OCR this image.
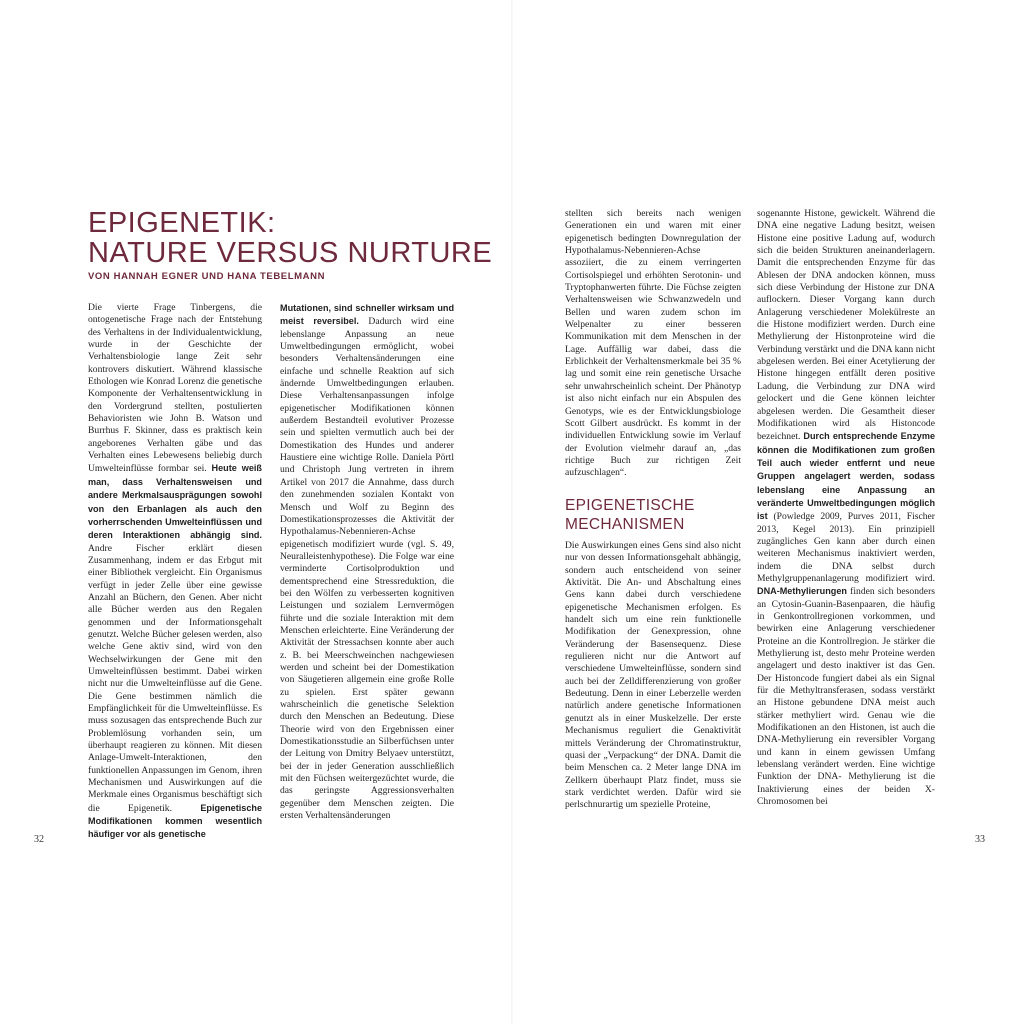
EPIGENETIK:
NATURE VERSUS NURTURE

VON HANNAH EGNER UND HANA TEBELMANN

Die vierte Frage Tinbergens, die ontogenetische Frage nach der Entstehung des Verhaltens in der Individualentwicklung, wurde in der Geschichte der Verhaltensbiologie lange Zeit sehr kontrovers diskutiert. Während klassische Ethologen wie Konrad Lorenz die genetische Komponente der Verhaltensentwicklung in den Vordergrund stellten, postulierten Behavioristen wie John B. Watson und Burrhus F. Skinner, dass es praktisch kein angeborenes Verhalten gäbe und das Verhalten eines Lebewesens beliebig durch Umwelteinflüsse formbar sei. Heute weiß man, dass Verhaltensweisen und andere Merkmalsausprägungen sowohl von den Erbanlagen als auch den vorherrschenden Umwelteinflüssen und deren Interaktionen abhängig sind. Andre Fischer erklärt diesen Zusammenhang, indem er das Erbgut mit einer Bibliothek vergleicht. Ein Organismus verfügt in jeder Zelle über eine gewisse Anzahl an Büchern, den Genen. Aber nicht alle Bücher werden aus den Regalen genommen und der Informationsgehalt genutzt. Welche Bücher gelesen werden, also welche Gene aktiv sind, wird von den Wechselwirkungen der Gene mit den Umwelteinflüssen bestimmt. Dabei wirken nicht nur die Umwelteinflüsse auf die Gene. Die Gene bestimmen nämlich die Empfänglichkeit für die Umwelteinflüsse. Es muss sozusagen das entsprechende Buch zur Problemlösung vorhanden sein, um überhaupt reagieren zu können. Mit diesen Anlage-Umwelt-Interaktionen, den funktionellen Anpassungen im Genom, ihren Mechanismen und Auswirkungen auf die Merkmale eines Organismus beschäftigt sich die Epigenetik. Epigenetische Modifikationen kommen wesentlich häufiger vor als genetische

Mutationen, sind schneller wirksam und meist reversibel. Dadurch wird eine lebenslange Anpassung an neue Umweltbedingungen ermöglicht, wobei besonders Verhaltensänderungen eine einfache und schnelle Reaktion auf sich ändernde Umweltbedingungen erlauben. Diese Verhaltensanpassungen infolge epigenetischer Modifikationen können außerdem Bestandteil evolutiver Prozesse sein und spielten vermutlich auch bei der Domestikation des Hundes und anderer Haustiere eine wichtige Rolle. Daniela Pörtl und Christoph Jung vertreten in ihrem Artikel von 2017 die Annahme, dass durch den zunehmenden sozialen Kontakt von Mensch und Wolf zu Beginn des Domestikationsprozesses die Aktivität der Hypothalamus-Nebennieren-Achse epigenetisch modifiziert wurde (vgl. S. 49, Neuralleistenhypothese). Die Folge war eine verminderte Cortisolproduktion und dementsprechend eine Stressreduktion, die bei den Wölfen zu verbesserten kognitiven Leistungen und sozialem Lernvermögen führte und die soziale Interaktion mit dem Menschen erleichterte. Eine Veränderung der Aktivität der Stressachsen konnte aber auch z. B. bei Meerschweinchen nachgewiesen werden und scheint bei der Domestikation von Säugetieren allgemein eine große Rolle zu spielen. Erst später gewann wahrscheinlich die genetische Selektion durch den Menschen an Bedeutung. Diese Theorie wird von den Ergebnissen einer Domestikationsstudie an Silberfüchsen unter der Leitung von Dmitry Belyaev unterstützt, bei der in jeder Generation ausschließlich mit den Füchsen weitergezüchtet wurde, die das geringste Aggressionsverhalten gegenüber dem Menschen zeigten. Die ersten Verhaltensänderungen

stellten sich bereits nach wenigen Generationen ein und waren mit einer epigenetisch bedingten Downregulation der Hypothalamus-Nebennieren-Achse assoziiert, die zu einem verringerten Cortisolspiegel und erhöhten Serotonin- und Tryptophanwerten führte. Die Füchse zeigten Verhaltensweisen wie Schwanzwedeln und Bellen und waren zudem schon im Welpenalter zu einer besseren Kommunikation mit dem Menschen in der Lage. Auffällig war dabei, dass die Erblichkeit der Verhaltensmerkmale bei 35 % lag und somit eine rein genetische Ursache sehr unwahrscheinlich scheint. Der Phänotyp ist also nicht einfach nur ein Abspulen des Genotyps, wie es der Entwicklungsbiologe Scott Gilbert ausdrückt. Es kommt in der individuellen Entwicklung sowie im Verlauf der Evolution vielmehr darauf an, „das richtige Buch zur richtigen Zeit aufzuschlagen“.

EPIGENETISCHE
MECHANISMEN

Die Auswirkungen eines Gens sind also nicht nur von dessen Informationsgehalt abhängig, sondern auch entscheidend von seiner Aktivität. Die An- und Abschaltung eines Gens kann dabei durch verschiedene epigenetische Mechanismen erfolgen. Es handelt sich um eine rein funktionelle Modifikation der Genexpression, ohne Veränderung der Basensequenz. Diese regulieren nicht nur die Antwort auf verschiedene Umwelteinflüsse, sondern sind auch bei der Zelldifferenzierung von großer Bedeutung. Denn in einer Leberzelle werden natürlich andere genetische Informationen genutzt als in einer Muskelzelle. Der erste Mechanismus reguliert die Genaktivität mittels Veränderung der Chromatinstruktur, quasi der „Verpackung“ der DNA. Damit die beim Menschen ca. 2 Meter lange DNA im Zellkern überhaupt Platz findet, muss sie stark verdichtet werden. Dafür wird sie perlschnurartig um spezielle Proteine,

sogenannte Histone, gewickelt. Während die DNA eine negative Ladung besitzt, weisen Histone eine positive Ladung auf, wodurch sich die beiden Strukturen aneinanderlagern. Damit die entsprechenden Enzyme für das Ablesen der DNA andocken können, muss sich diese Verbindung der Histone zur DNA auflockern. Dieser Vorgang kann durch Anlagerung verschiedener Molekülreste an die Histone modifiziert werden. Durch eine Methylierung der Histonproteine wird die Verbindung verstärkt und die DNA kann nicht abgelesen werden. Bei einer Acetylierung der Histone hingegen entfällt deren positive Ladung, die Verbindung zur DNA wird gelockert und die Gene können leichter abgelesen werden. Die Gesamtheit dieser Modifikationen wird als Histoncode bezeichnet. Durch entsprechende Enzyme können die Modifikationen zum großen Teil auch wieder entfernt und neue Gruppen angelagert werden, sodass lebenslang eine Anpassung an veränderte Umweltbedingungen möglich ist (Powledge 2009, Purves 2011, Fischer 2013, Kegel 2013). Ein prinzipiell zugängliches Gen kann aber durch einen weiteren Mechanismus inaktiviert werden, indem die DNA selbst durch Methylgruppenanlagerung modifiziert wird. DNA-Methylierungen finden sich besonders an Cytosin-Guanin-Basenpaaren, die häufig in Genkontrollregionen vorkommen, und bewirken eine Anlagerung verschiedener Proteine an die Kontrollregion. Je stärker die Methylierung ist, desto mehr Proteine werden angelagert und desto inaktiver ist das Gen. Der Histoncode fungiert dabei als ein Signal für die Methyltransferasen, sodass verstärkt an Histone gebundene DNA meist auch stärker methyliert wird. Genau wie die Modifikationen an den Histonen, ist auch die DNA-Methylierung ein reversibler Vorgang und kann in einem gewissen Umfang lebenslang verändert werden. Eine wichtige Funktion der DNA- Methylierung ist die Inaktivierung eines der beiden X-Chromosomen bei

32	33
